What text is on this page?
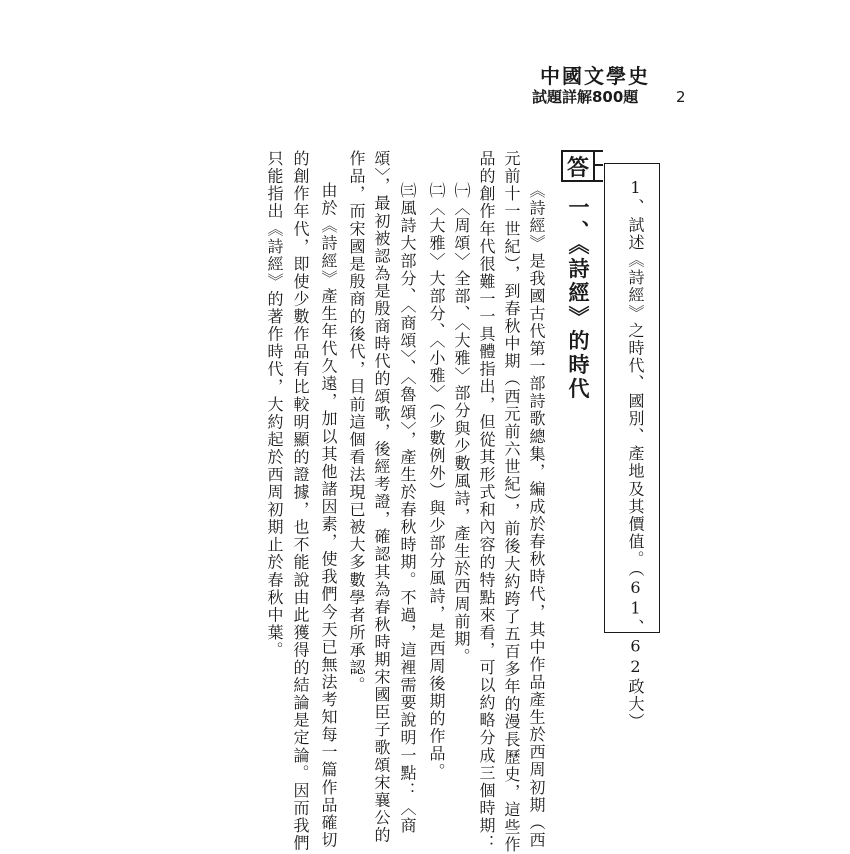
中國文學史
試題詳解800題	2
1、試述《詩經》之時代、國別、產地及其價值。（61、62政大）
答
一、《詩經》的時代
《詩經》是我國古代第一部詩歌總集，編成於春秋時代，其中作品產生於西周初期（西
元前十一世紀），到春秋中期（西元前六世紀），前後大約跨了五百多年的漫長歷史，這些作
品的創作年代很難一一具體指出，但從其形式和內容的特點來看，可以約略分成三個時期：
㈠〈周頌〉全部、〈大雅〉部分與少數風詩，產生於西周前期。
㈡〈大雅〉大部分、〈小雅〉（少數例外）與少部分風詩，是西周後期的作品。
㈢風詩大部分、〈商頌〉、〈魯頌〉，產生於春秋時期。不過，這裡需要說明一點：〈商
頌〉，最初被認為是殷商時代的頌歌，後經考證，確認其為春秋時期宋國臣子歌頌宋襄公的
作品，而宋國是殷商的後代，目前這個看法現已被大多數學者所承認。
由於《詩經》產生年代久遠，加以其他諸因素，使我們今天已無法考知每一篇作品確切
的創作年代，即使少數作品有比較明顯的證據，也不能說由此獲得的結論是定論。因而我們
只能指出《詩經》的著作時代，大約起於西周初期止於春秋中葉。
